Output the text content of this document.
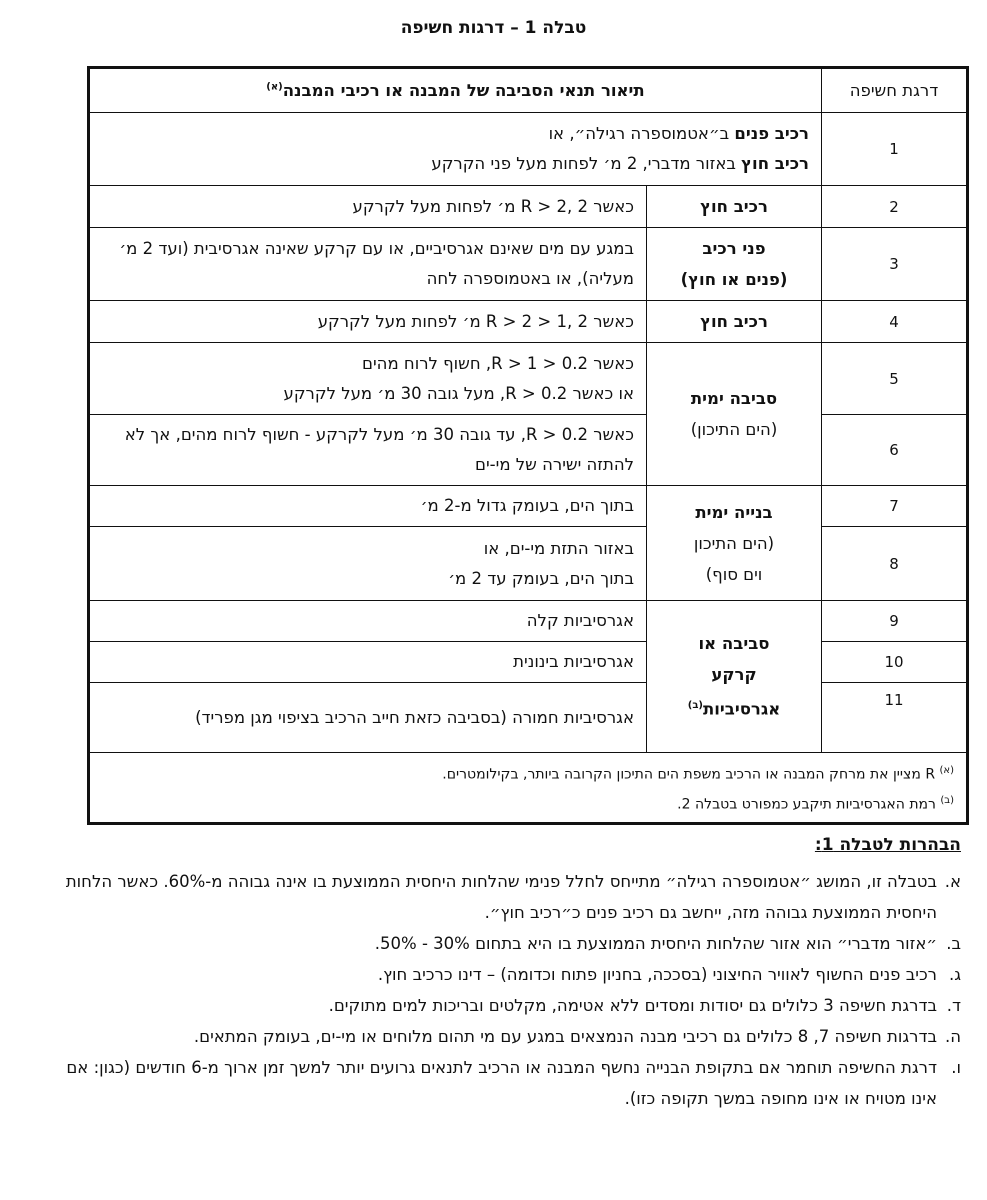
טבלה 1 – דרגות חשיפה
דרגת חשיפה	תיאור תנאי הסביבה של המבנה או רכיבי המבנה$^{(א)}$
1	רכיב פנים ב״אטמוספרה רגילה״, או
רכיב חוץ באזור מדברי, 2 מ׳ לפחות מעל פני הקרקע	
2	רכיב חוץ	כאשר R > 2, 2 מ׳ לפחות מעל לקרקע
3	פני רכיב
(פנים או חוץ)	במגע עם מים שאינם אגרסיביים, או עם קרקע שאינה אגרסיבית (ועד 2 מ׳ מעליה), או באטמוספרה לחה
4	רכיב חוץ	כאשר R > 2 > 1, 2 מ׳ לפחות מעל לקרקע
5	סביבה ימית
(הים התיכון)	כאשר R > 1 > 0.2, חשוף לרוח מהים
או כאשר R > 0.2, מעל גובה 30 מ׳ מעל לקרקע
6		כאשר R > 0.2, עד גובה 30 מ׳ מעל לקרקע - חשוף לרוח מהים, אך לא להתזה ישירה של מי-ים
7	בנייה ימית
(הים התיכון
וים סוף)	בתוך הים, בעומק גדול מ-2 מ׳
8		באזור התזת מי-ים, או
בתוך הים, בעומק עד 2 מ׳
9	סביבה או
קרקע
אגרסיביות$^{(ב)}$	אגרסיביות קלה
10		אגרסיביות בינונית
11		אגרסיביות חמורה (בסביבה כזאת חייב הרכיב בציפוי מגן מפריד)

$^{(א)}$ R מציין את מרחק המבנה או הרכיב משפת הים התיכון הקרובה ביותר, בקילומטרים.
$^{(ב)}$ רמת האגרסיביות תיקבע כמפורט בטבלה 2.		
הבהרות לטבלה 1:
א.
בטבלה זו, המושג ״אטמוספרה רגילה״ מתייחס לחלל פנימי שהלחות היחסית הממוצעת בו אינה גבוהה מ-60%. כאשר הלחות היחסית הממוצעת גבוהה מזה, ייחשב גם רכיב פנים כ״רכיב חוץ״.
ב.
״אזור מדברי״ הוא אזור שהלחות היחסית הממוצעת בו היא בתחום 30% - 50%.
ג.
רכיב פנים החשוף לאוויר החיצוני (בסככה, בחניון פתוח וכדומה) – דינו כרכיב חוץ.
ד.
בדרגת חשיפה 3 כלולים גם יסודות ומסדים ללא אטימה, מקלטים ובריכות למים מתוקים.
ה.
בדרגות חשיפה 7, 8 כלולים גם רכיבי מבנה הנמצאים במגע עם מי תהום מלוחים או מי-ים, בעומק המתאים.
ו.
דרגת החשיפה תוחמר אם בתקופת הבנייה נחשף המבנה או הרכיב לתנאים גרועים יותר למשך זמן ארוך מ-6 חודשים (כגון: אם אינו מטויח או אינו מחופה במשך תקופה כזו).
